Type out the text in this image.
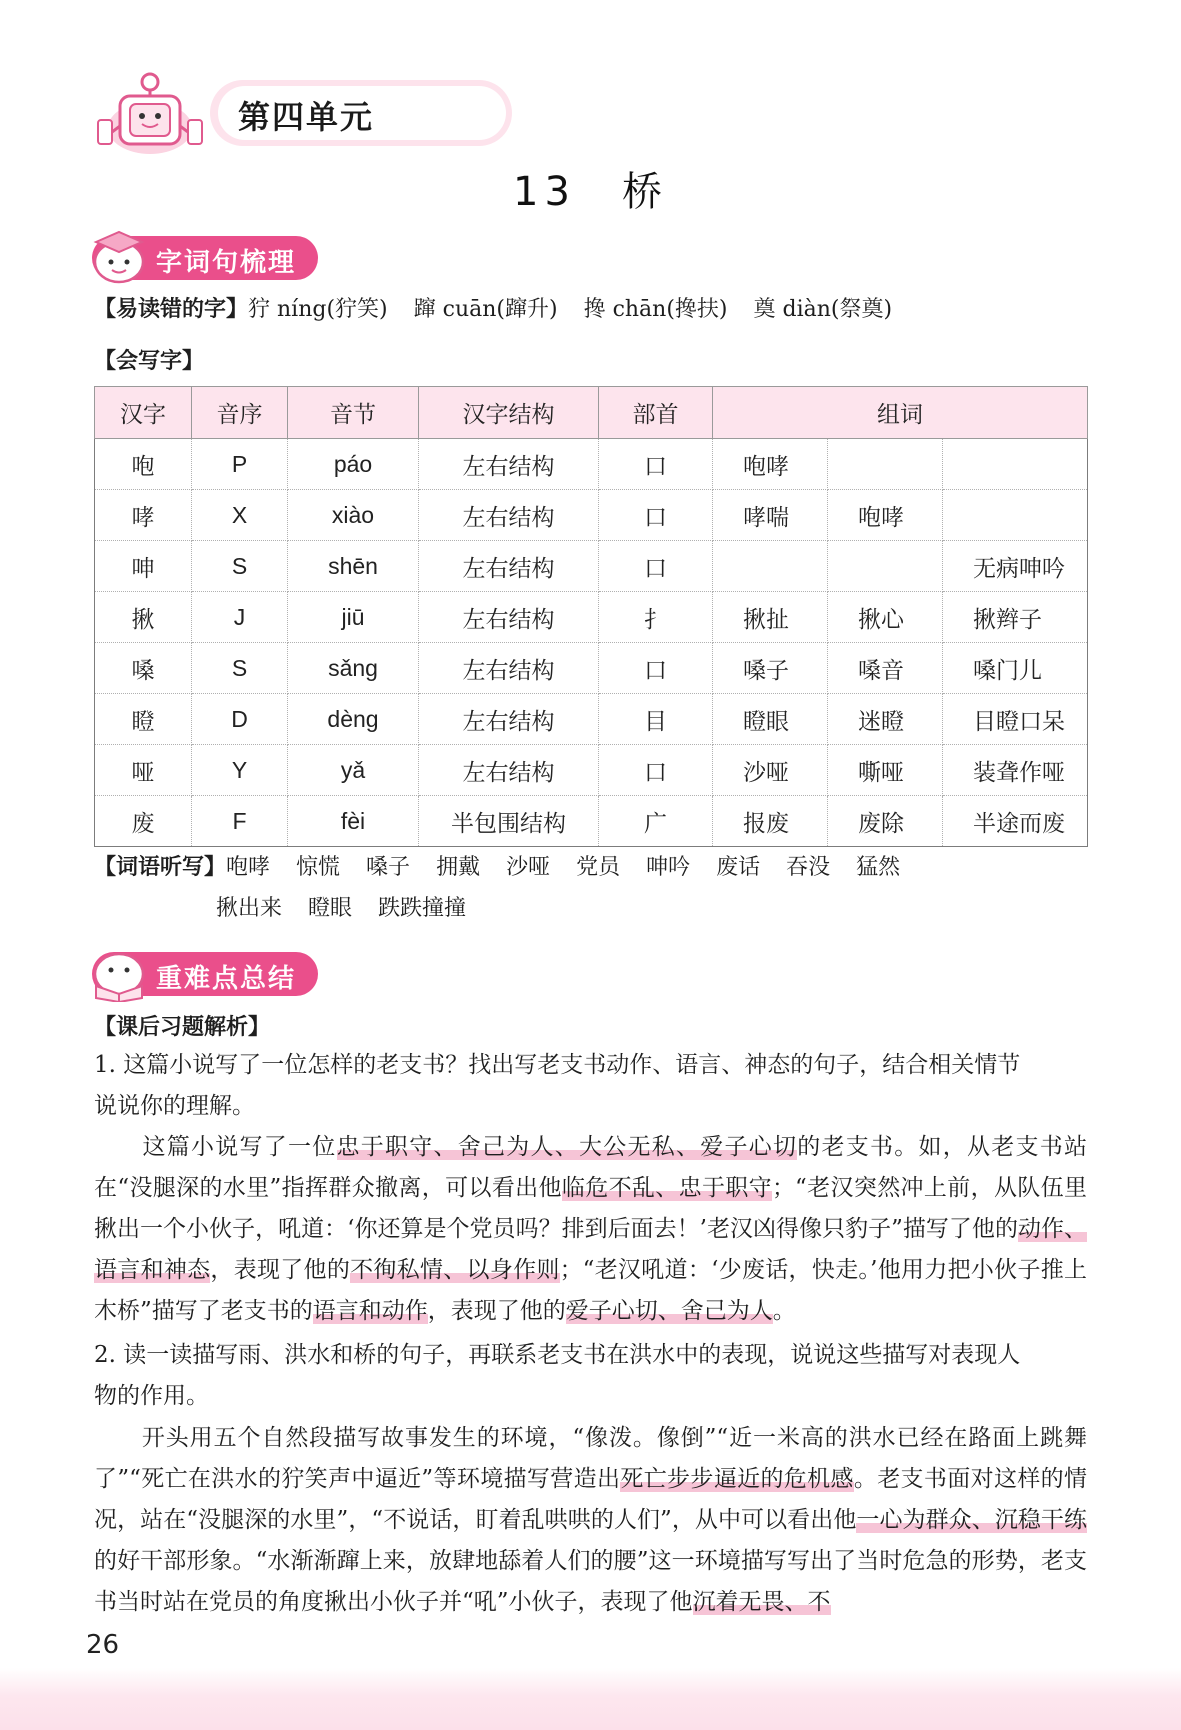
第四单元
13　桥
字词句梳理
【易读错的字】狞 níng(狞笑) 蹿 cuān(蹿升) 搀 chān(搀扶) 奠 diàn(祭奠)
【会写字】
汉字	音序	音节	汉字结构	部首	组词		
咆	P	páo	左右结构	口	咆哮		
哮	X	xiào	左右结构	口	哮喘	咆哮	
呻	S	shēn	左右结构	口			无病呻吟
揪	J	jiū	左右结构	扌	揪扯	揪心	揪辫子
嗓	S	sǎng	左右结构	口	嗓子	嗓音	嗓门儿
瞪	D	dèng	左右结构	目	瞪眼	迷瞪	目瞪口呆
哑	Y	yǎ	左右结构	口	沙哑	嘶哑	装聋作哑
废	F	fèi	半包围结构	广	报废	废除	半途而废
【词语听写】咆哮 惊慌 嗓子 拥戴 沙哑 党员 呻吟 废话 吞没 猛然
揪出来 瞪眼 跌跌撞撞
重难点总结
【课后习题解析】
1. 这篇小说写了一位怎样的老支书？找出写老支书动作、语言、神态的句子，结合相关情节
说说你的理解。
　　这篇小说写了一位忠于职守、舍己为人、大公无私、爱子心切的老支书。如，从老支书站在“没腿深的水里”指挥群众撤离，可以看出他临危不乱、忠于职守；“老汉突然冲上前，从队伍里揪出一个小伙子，吼道：‘你还算是个党员吗？排到后面去！’老汉凶得像只豹子”描写了他的动作、语言和神态，表现了他的不徇私情、以身作则；“老汉吼道：‘少废话，快走。’他用力把小伙子推上木桥”描写了老支书的语言和动作，表现了他的爱子心切、舍己为人。
2. 读一读描写雨、洪水和桥的句子，再联系老支书在洪水中的表现，说说这些描写对表现人
物的作用。
　　开头用五个自然段描写故事发生的环境，“像泼。像倒”“近一米高的洪水已经在路面上跳舞了”“死亡在洪水的狞笑声中逼近”等环境描写营造出死亡步步逼近的危机感。老支书面对这样的情况，站在“没腿深的水里”，“不说话，盯着乱哄哄的人们”，从中可以看出他一心为群众、沉稳干练的好干部形象。“水渐渐蹿上来，放肆地舔着人们的腰”这一环境描写写出了当时危急的形势，老支书当时站在党员的角度揪出小伙子并“吼”小伙子，表现了他沉着无畏、不
26
